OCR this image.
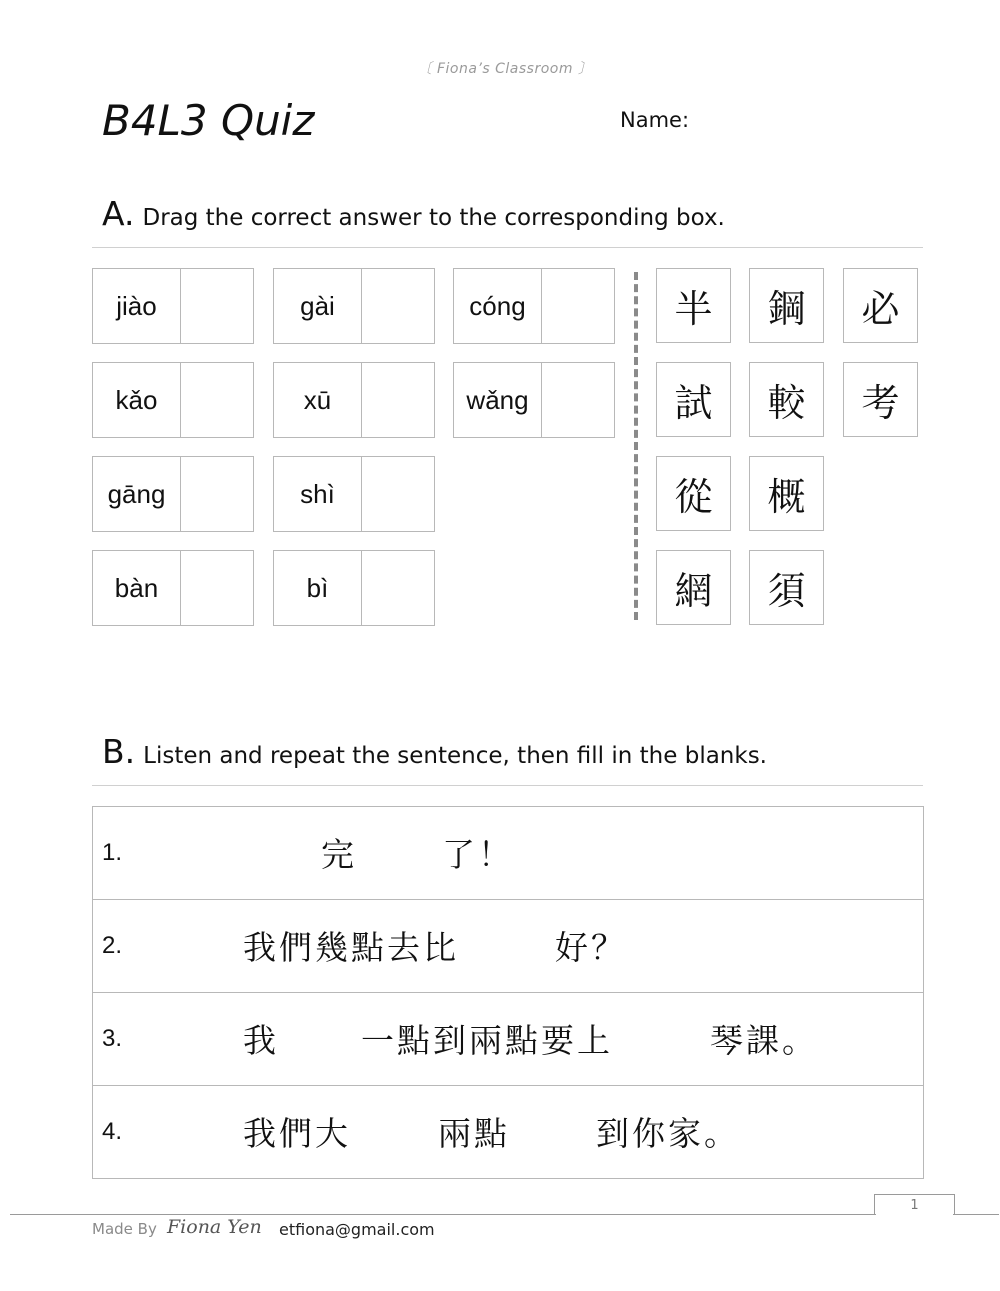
〔 Fiona’s Classroom 〕
B4L3 Quiz	Name:
A. Drag the correct answer to the corresponding box.
jiào	gài	cóng
kǎo	xū	wǎng
gāng	shì
bàn	bì
半	鋼	必
試	較	考
從	概
網	須
B. Listen and repeat the sentence, then fill in the blanks.
1.	完	了！
2.	我們幾點去比	好？
3.	我 一點到兩點要上	琴課。
4.	我們大	兩點	到你家。
1
Made By Fiona Yen etfiona@gmail.com
